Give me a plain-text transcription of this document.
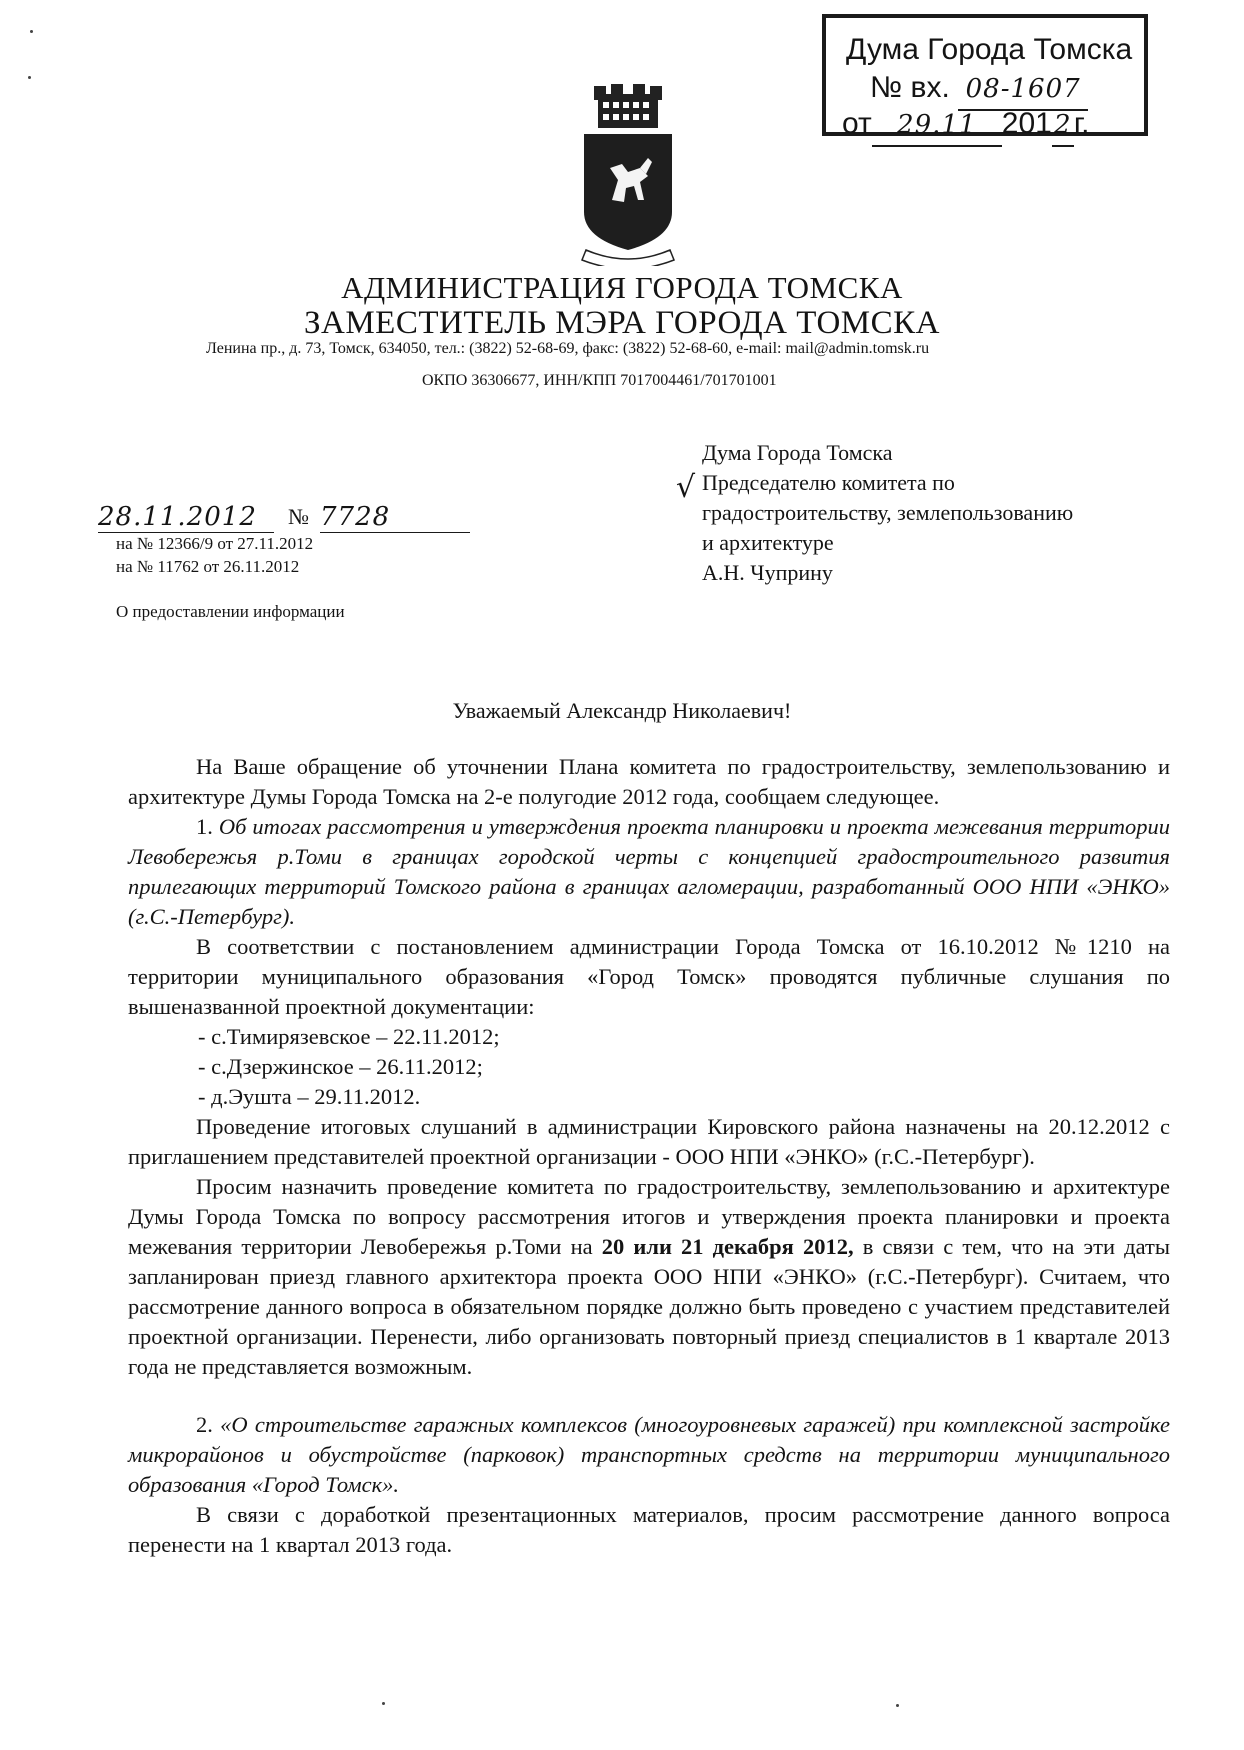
Дума Города Томска
№ вх. 08-1607
от 29.11 2012г.
АДМИНИСТРАЦИЯ ГОРОДА ТОМСКА
ЗАМЕСТИТЕЛЬ МЭРА ГОРОДА ТОМСКА
Ленина пр., д. 73, Томск, 634050, тел.: (3822) 52-68-69, факс: (3822) 52-68-60, e-mail: mail@admin.tomsk.ru
ОКПО 36306677, ИНН/КПП 7017004461/701701001
√
Дума Города Томска
Председателю комитета по
градостроительству, землепользованию
и архитектуре
А.Н. Чуприну
28.11.2012	№ 7728
на № 12366/9 от 27.11.2012
на № 11762 от 26.11.2012
О предоставлении информации
Уважаемый Александр Николаевич!

На Ваше обращение об уточнении Плана комитета по градостроительству, землепользованию и архитектуре Думы Города Томска на 2-е полугодие 2012 года, сообщаем следующее.

1. Об итогах рассмотрения и утверждения проекта планировки и проекта межевания территории Левобережья р.Томи в границах городской черты с концепцией градостроительного развития прилегающих территорий Томского района в границах агломерации, разработанный ООО НПИ «ЭНКО» (г.С.-Петербург).

В соответствии с постановлением администрации Города Томска от 16.10.2012 №1210 на территории муниципального образования «Город Томск» проводятся публичные слушания по вышеназванной проектной документации:

- с.Тимирязевское – 22.11.2012;

- с.Дзержинское – 26.11.2012;

- д.Эушта – 29.11.2012.

Проведение итоговых слушаний в администрации Кировского района назначены на 20.12.2012 с приглашением представителей проектной организации - ООО НПИ «ЭНКО» (г.С.-Петербург).

Просим назначить проведение комитета по градостроительству, землепользованию и архитектуре Думы Города Томска по вопросу рассмотрения итогов и утверждения проекта планировки и проекта межевания территории Левобережья р.Томи на 20 или 21 декабря 2012, в связи с тем, что на эти даты запланирован приезд главного архитектора проекта ООО НПИ «ЭНКО» (г.С.-Петербург). Считаем, что рассмотрение данного вопроса в обязательном порядке должно быть проведено с участием представителей проектной организации. Перенести, либо организовать повторный приезд специалистов в 1 квартале 2013 года не представляется возможным.

2. «О строительстве гаражных комплексов (многоуровневых гаражей) при комплексной застройке микрорайонов и обустройстве (парковок) транспортных средств на территории муниципального образования «Город Томск».

В связи с доработкой презентационных материалов, просим рассмотрение данного вопроса перенести на 1 квартал 2013 года.
